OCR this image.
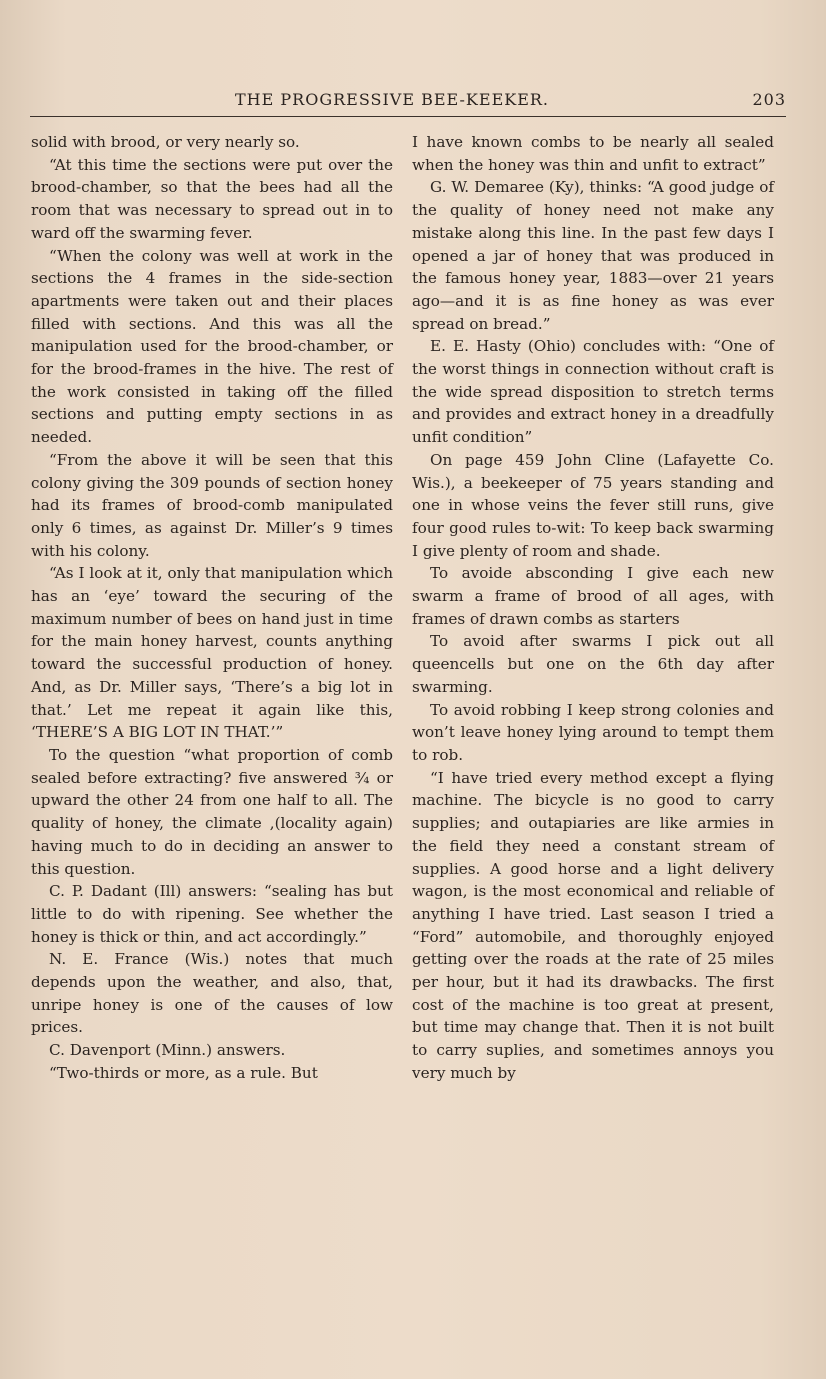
THE PROGRESSIVE BEE-KEEKER.	203

solid with brood, or very nearly so.

“At this time the sections were put over the brood-chamber, so that the bees had all the room that was necessary to spread out in to ward off the swarming fever.

“When the colony was well at work in the sections the 4 frames in the side-section apartments were taken out and their places filled with sections. And this was all the manipulation used for the brood-chamber, or for the brood-frames in the hive. The rest of the work consisted in taking off the filled sections and putting empty sections in as needed.

“From the above it will be seen that this colony giving the 309 pounds of section honey had its frames of brood-comb manipulated only 6 times, as against Dr. Miller’s 9 times with his colony.

“As I look at it, only that manipulation which has an ‘eye’ toward the securing of the maximum number of bees on hand just in time for the main honey harvest, counts anything toward the successful production of honey. And, as Dr. Miller says, ‘There’s a big lot in that.’ Let me repeat it again like this, ‘THERE’S A BIG LOT IN THAT.’”

To the question “what proportion of comb sealed before extracting? five answered ¾ or upward the other 24 from one half to all. The quality of honey, the climate ,(locality again) having much to do in deciding an answer to this question.

C. P. Dadant (Ill) answers: “sealing has but little to do with ripening. See whether the honey is thick or thin, and act accordingly.”

N. E. France (Wis.) notes that much depends upon the weather, and also, that, unripe honey is one of the causes of low prices.

C. Davenport (Minn.) answers.

“Two-thirds or more, as a rule. But

I have known combs to be nearly all sealed when the honey was thin and unfit to extract”

G. W. Demaree (Ky), thinks: “A good judge of the quality of honey need not make any mistake along this line. In the past few days I opened a jar of honey that was produced in the famous honey year, 1883—over 21 years ago—and it is as fine honey as was ever spread on bread.”

E. E. Hasty (Ohio) concludes with: “One of the worst things in connection without craft is the wide spread disposition to stretch terms and provides and extract honey in a dreadfully unfit condition”

On page 459 John Cline (Lafayette Co. Wis.), a beekeeper of 75 years standing and one in whose veins the fever still runs, give four good rules to-wit: To keep back swarming I give plenty of room and shade.

To avoide absconding I give each new swarm a frame of brood of all ages, with frames of drawn combs as starters

To avoid after swarms I pick out all queencells but one on the 6th day after swarming.

To avoid robbing I keep strong colonies and won’t leave honey lying around to tempt them to rob.

“I have tried every method except a flying machine. The bicycle is no good to carry supplies; and outapiaries are like armies in the field they need a constant stream of supplies. A good horse and a light delivery wagon, is the most economical and reliable of anything I have tried. Last season I tried a “Ford” automobile, and thoroughly enjoyed getting over the roads at the rate of 25 miles per hour, but it had its drawbacks. The first cost of the machine is too great at present, but time may change that. Then it is not built to carry suplies, and sometimes annoys you very much by
